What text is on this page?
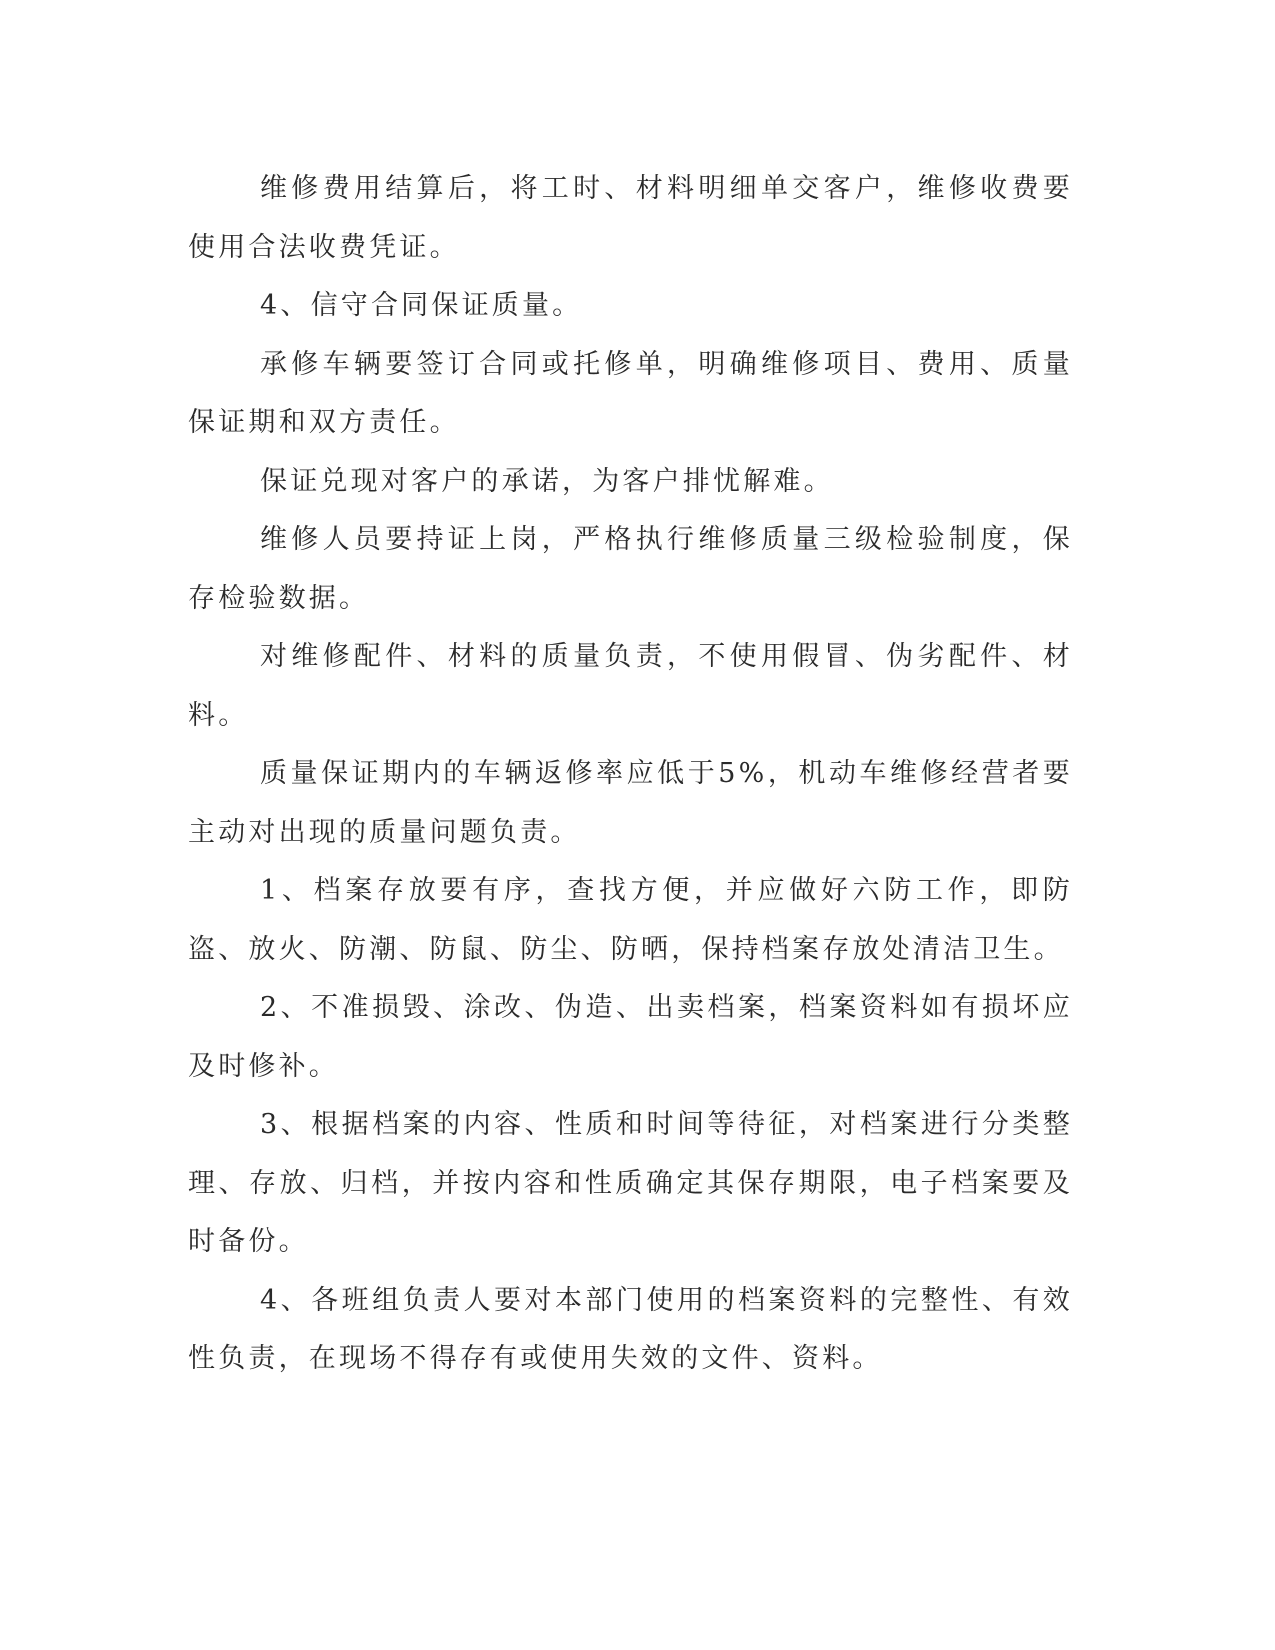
维修费用结算后，将工时、材料明细单交客户，维修收费要使用合法收费凭证。

4、信守合同保证质量。

承修车辆要签订合同或托修单，明确维修项目、费用、质量保证期和双方责任。

保证兑现对客户的承诺，为客户排忧解难。

维修人员要持证上岗，严格执行维修质量三级检验制度，保存检验数据。

对维修配件、材料的质量负责，不使用假冒、伪劣配件、材料。

质量保证期内的车辆返修率应低于5%，机动车维修经营者要主动对出现的质量问题负责。

1、档案存放要有序，查找方便，并应做好六防工作，即防盗、放火、防潮、防鼠、防尘、防晒，保持档案存放处清洁卫生。

2、不准损毁、涂改、伪造、出卖档案，档案资料如有损坏应及时修补。

3、根据档案的内容、性质和时间等待征，对档案进行分类整理、存放、归档，并按内容和性质确定其保存期限，电子档案要及时备份。

4、各班组负责人要对本部门使用的档案资料的完整性、有效性负责，在现场不得存有或使用失效的文件、资料。
